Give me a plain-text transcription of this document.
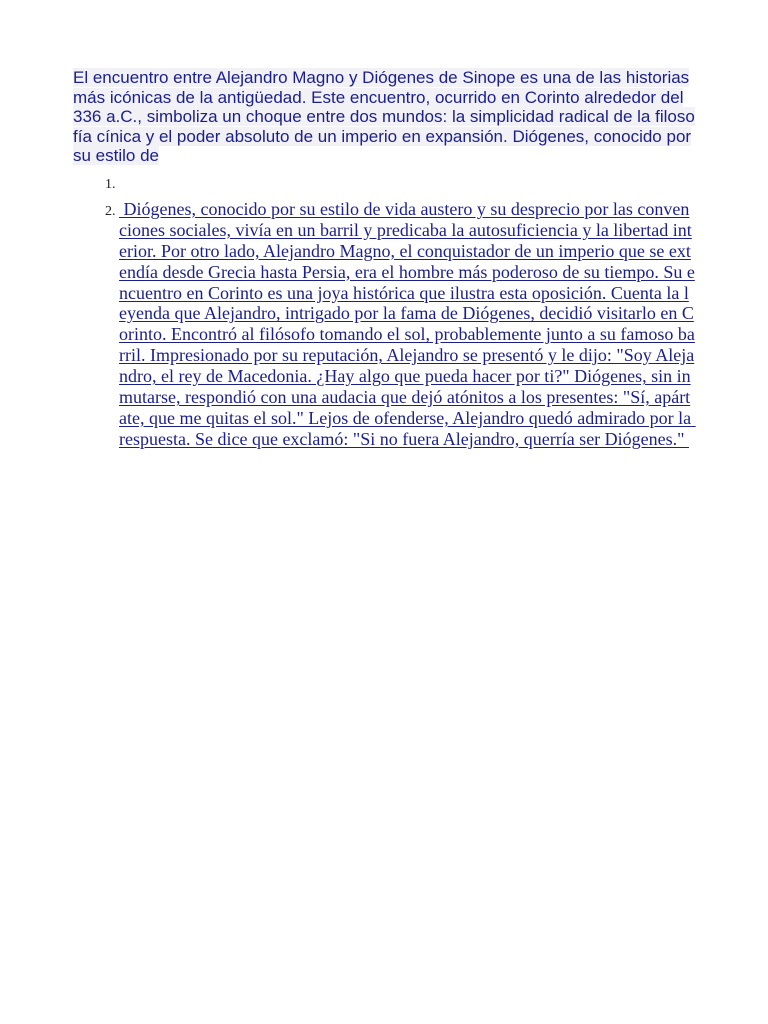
El encuentro entre Alejandro Magno y Diógenes de Sinope es una de las historias más icónicas de la antigüedad. Este encuentro, ocurrido en Corinto alrededor del 336 a.C., simboliza un choque entre dos mundos: la simplicidad radical de la filosofía cínica y el poder absoluto de un imperio en expansión. Diógenes, conocido por su estilo de

1.
2.  Diógenes, conocido por su estilo de vida austero y su desprecio por las convenciones sociales, vivía en un barril y predicaba la autosuficiencia y la libertad interior. Por otro lado, Alejandro Magno, el conquistador de un imperio que se extendía desde Grecia hasta Persia, era el hombre más poderoso de su tiempo. Su encuentro en Corinto es una joya histórica que ilustra esta oposición. Cuenta la leyenda que Alejandro, intrigado por la fama de Diógenes, decidió visitarlo en Corinto. Encontró al filósofo tomando el sol, probablemente junto a su famoso barril. Impresionado por su reputación, Alejandro se presentó y le dijo: "Soy Alejandro, el rey de Macedonia. ¿Hay algo que pueda hacer por ti?" Diógenes, sin inmutarse, respondió con una audacia que dejó atónitos a los presentes: "Sí, apártate, que me quitas el sol." Lejos de ofenderse, Alejandro quedó admirado por la respuesta. Se dice que exclamó: "Si no fuera Alejandro, querría ser Diógenes."
